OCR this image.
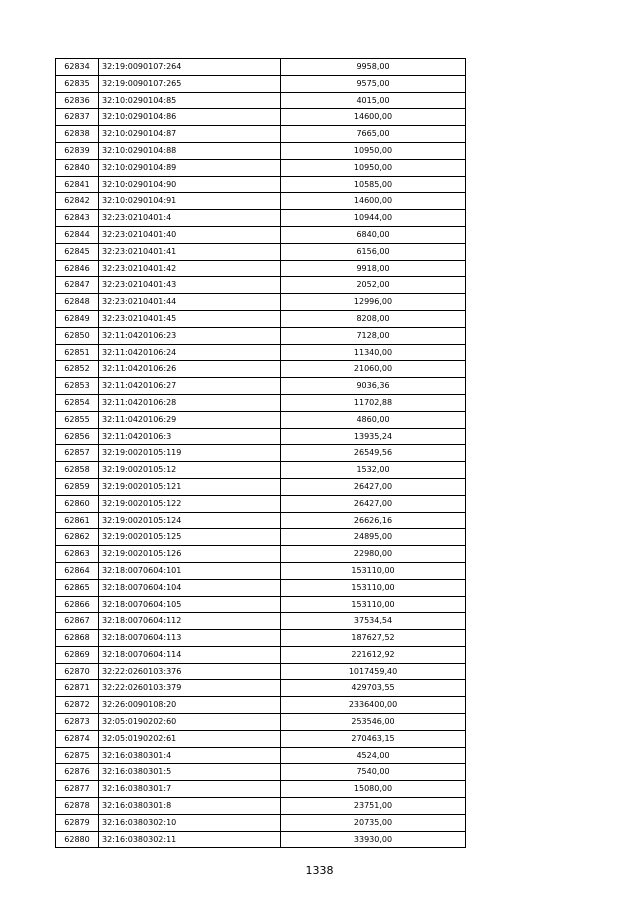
62834	32:19:0090107:264	9958,00
62835	32:19:0090107:265	9575,00
62836	32:10:0290104:85	4015,00
62837	32:10:0290104:86	14600,00
62838	32:10:0290104:87	7665,00
62839	32:10:0290104:88	10950,00
62840	32:10:0290104:89	10950,00
62841	32:10:0290104:90	10585,00
62842	32:10:0290104:91	14600,00
62843	32:23:0210401:4	10944,00
62844	32:23:0210401:40	6840,00
62845	32:23:0210401:41	6156,00
62846	32:23:0210401:42	9918,00
62847	32:23:0210401:43	2052,00
62848	32:23:0210401:44	12996,00
62849	32:23:0210401:45	8208,00
62850	32:11:0420106:23	7128,00
62851	32:11:0420106:24	11340,00
62852	32:11:0420106:26	21060,00
62853	32:11:0420106:27	9036,36
62854	32:11:0420106:28	11702,88
62855	32:11:0420106:29	4860,00
62856	32:11:0420106:3	13935,24
62857	32:19:0020105:119	26549,56
62858	32:19:0020105:12	1532,00
62859	32:19:0020105:121	26427,00
62860	32:19:0020105:122	26427,00
62861	32:19:0020105:124	26626,16
62862	32:19:0020105:125	24895,00
62863	32:19:0020105:126	22980,00
62864	32:18:0070604:101	153110,00
62865	32:18:0070604:104	153110,00
62866	32:18:0070604:105	153110,00
62867	32:18:0070604:112	37534,54
62868	32:18:0070604:113	187627,52
62869	32:18:0070604:114	221612,92
62870	32:22:0260103:376	1017459,40
62871	32:22:0260103:379	429703,55
62872	32:26:0090108:20	2336400,00
62873	32:05:0190202:60	253546,00
62874	32:05:0190202:61	270463,15
62875	32:16:0380301:4	4524,00
62876	32:16:0380301:5	7540,00
62877	32:16:0380301:7	15080,00
62878	32:16:0380301:8	23751,00
62879	32:16:0380302:10	20735,00
62880	32:16:0380302:11	33930,00
1338
